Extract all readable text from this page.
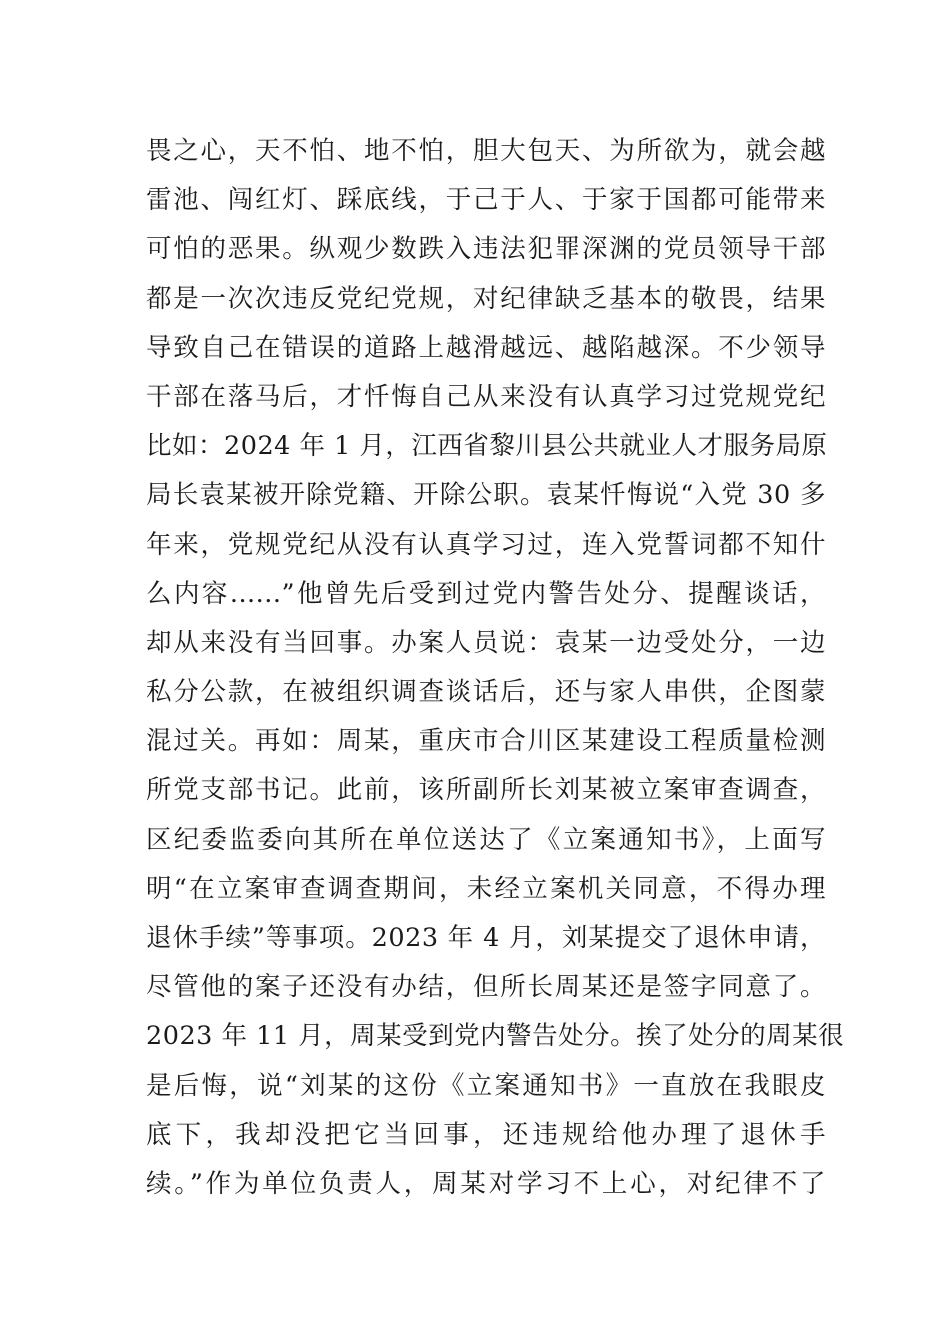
畏之心，天不怕、地不怕，胆大包天、为所欲为，就会越
雷池、闯红灯、踩底线，于己于人、于家于国都可能带来
可怕的恶果。纵观少数跌入违法犯罪深渊的党员领导干部
都是一次次违反党纪党规，对纪律缺乏基本的敬畏，结果
导致自己在错误的道路上越滑越远、越陷越深。不少领导
干部在落马后，才忏悔自己从来没有认真学习过党规党纪
比如：2024 年 1 月，江西省黎川县公共就业人才服务局原
局长袁某被开除党籍、开除公职。袁某忏悔说“入党 30 多
年来，党规党纪从没有认真学习过，连入党誓词都不知什
么内容......”他曾先后受到过党内警告处分、提醒谈话，
却从来没有当回事。办案人员说：袁某一边受处分，一边
私分公款，在被组织调查谈话后，还与家人串供，企图蒙
混过关。再如：周某，重庆市合川区某建设工程质量检测
所党支部书记。此前，该所副所长刘某被立案审查调查，
区纪委监委向其所在单位送达了《立案通知书》，上面写
明“在立案审查调查期间，未经立案机关同意，不得办理
退休手续”等事项。2023 年 4 月，刘某提交了退休申请，
尽管他的案子还没有办结，但所长周某还是签字同意了。
2023 年 11 月，周某受到党内警告处分。挨了处分的周某很
是后悔，说“刘某的这份《立案通知书》一直放在我眼皮
底下，我却没把它当回事，还违规给他办理了退休手
续。”作为单位负责人，周某对学习不上心，对纪律不了
